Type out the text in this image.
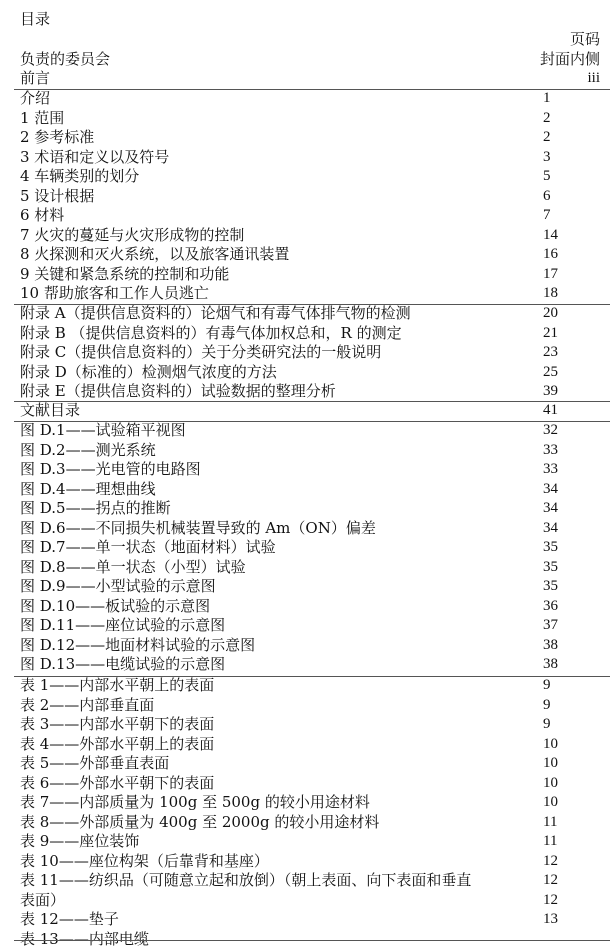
目录
页码
负责的委员会	封面内侧
前言	iii
介绍	1
1 范围	2
2 参考标准	2
3 术语和定义以及符号	3
4 车辆类别的划分	5
5 设计根据	6
6 材料	7
7 火灾的蔓延与火灾形成物的控制	14
8 火探测和灭火系统，以及旅客通讯装置	16
9 关键和紧急系统的控制和功能	17
10 帮助旅客和工作人员逃亡	18
附录 A（提供信息资料的）论烟气和有毒气体排气物的检测	20
附录 B （提供信息资料的）有毒气体加权总和，R 的测定	21
附录 C（提供信息资料的）关于分类研究法的一般说明	23
附录 D（标准的）检测烟气浓度的方法	25
附录 E（提供信息资料的）试验数据的整理分析	39
文献目录	41
图 D.1——试验箱平视图	32
图 D.2——测光系统	33
图 D.3——光电管的电路图	33
图 D.4——理想曲线	34
图 D.5——拐点的推断	34
图 D.6——不同损失机械装置导致的 Am（ON）偏差	34
图 D.7——单一状态（地面材料）试验	35
图 D.8——单一状态（小型）试验	35
图 D.9——小型试验的示意图	35
图 D.10——板试验的示意图	36
图 D.11——座位试验的示意图	37
图 D.12——地面材料试验的示意图	38
图 D.13——电缆试验的示意图	38
表 1——内部水平朝上的表面	9
表 2——内部垂直面	9
表 3——内部水平朝下的表面	9
表 4——外部水平朝上的表面	10
表 5——外部垂直表面	10
表 6——外部水平朝下的表面	10
表 7——内部质量为 100g 至 500g 的较小用途材料	10
表 8——外部质量为 400g 至 2000g 的较小用途材料	11
表 9——座位装饰	11
表 10——座位构架（后靠背和基座）	12
表 11——纺织品（可随意立起和放倒）（朝上表面、向下表面和垂直	12
表面）	12
表 12——垫子	13
表 13——内部电缆
